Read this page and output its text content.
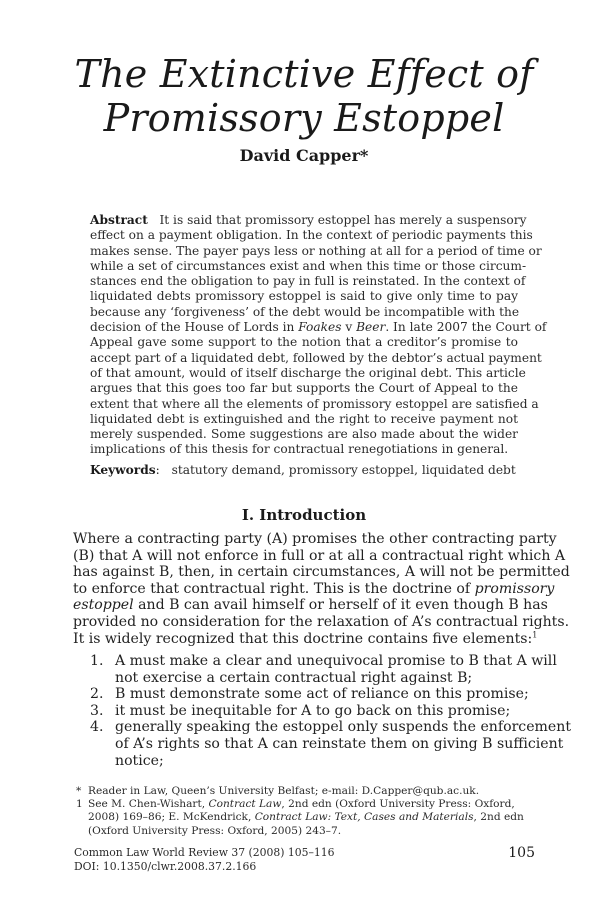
The Extinctive Effect of
Promissory Estoppel
David Capper*
Abstract It is said that promissory estoppel has merely a suspensory
effect on a payment obligation. In the context of periodic payments this
makes sense. The payer pays less or nothing at all for a period of time or
while a set of circumstances exist and when this time or those circum-
stances end the obligation to pay in full is reinstated. In the context of
liquidated debts promissory estoppel is said to give only time to pay
because any ‘forgiveness’ of the debt would be incompatible with the
decision of the House of Lords in Foakes v Beer. In late 2007 the Court of
Appeal gave some support to the notion that a creditor’s promise to
accept part of a liquidated debt, followed by the debtor’s actual payment
of that amount, would of itself discharge the original debt. This article
argues that this goes too far but supports the Court of Appeal to the
extent that where all the elements of promissory estoppel are satisfied a
liquidated debt is extinguished and the right to receive payment not
merely suspended. Some suggestions are also made about the wider
implications of this thesis for contractual renegotiations in general.
Keywords: statutory demand, promissory estoppel, liquidated debt
I. Introduction
Where a contracting party (A) promises the other contracting party
(B) that A will not enforce in full or at all a contractual right which A
has against B, then, in certain circumstances, A will not be permitted
to enforce that contractual right. This is the doctrine of promissory
estoppel and B can avail himself or herself of it even though B has
provided no consideration for the relaxation of A’s contractual rights.
It is widely recognized that this doctrine contains five elements:$^1$
1. A must make a clear and unequivocal promise to B that A will
not exercise a certain contractual right against B;
2. B must demonstrate some act of reliance on this promise;
3. it must be inequitable for A to go back on this promise;
4. generally speaking the estoppel only suspends the enforcement
of A’s rights so that A can reinstate them on giving B sufficient
notice;
* Reader in Law, Queen’s University Belfast; e-mail: D.Capper@qub.ac.uk.
1 See M. Chen-Wishart, Contract Law, 2nd edn (Oxford University Press: Oxford,
2008) 169–86; E. McKendrick, Contract Law: Text, Cases and Materials, 2nd edn
(Oxford University Press: Oxford, 2005) 243–7.
Common Law World Review 37 (2008) 105–116
DOI: 10.1350/clwr.2008.37.2.166
105
